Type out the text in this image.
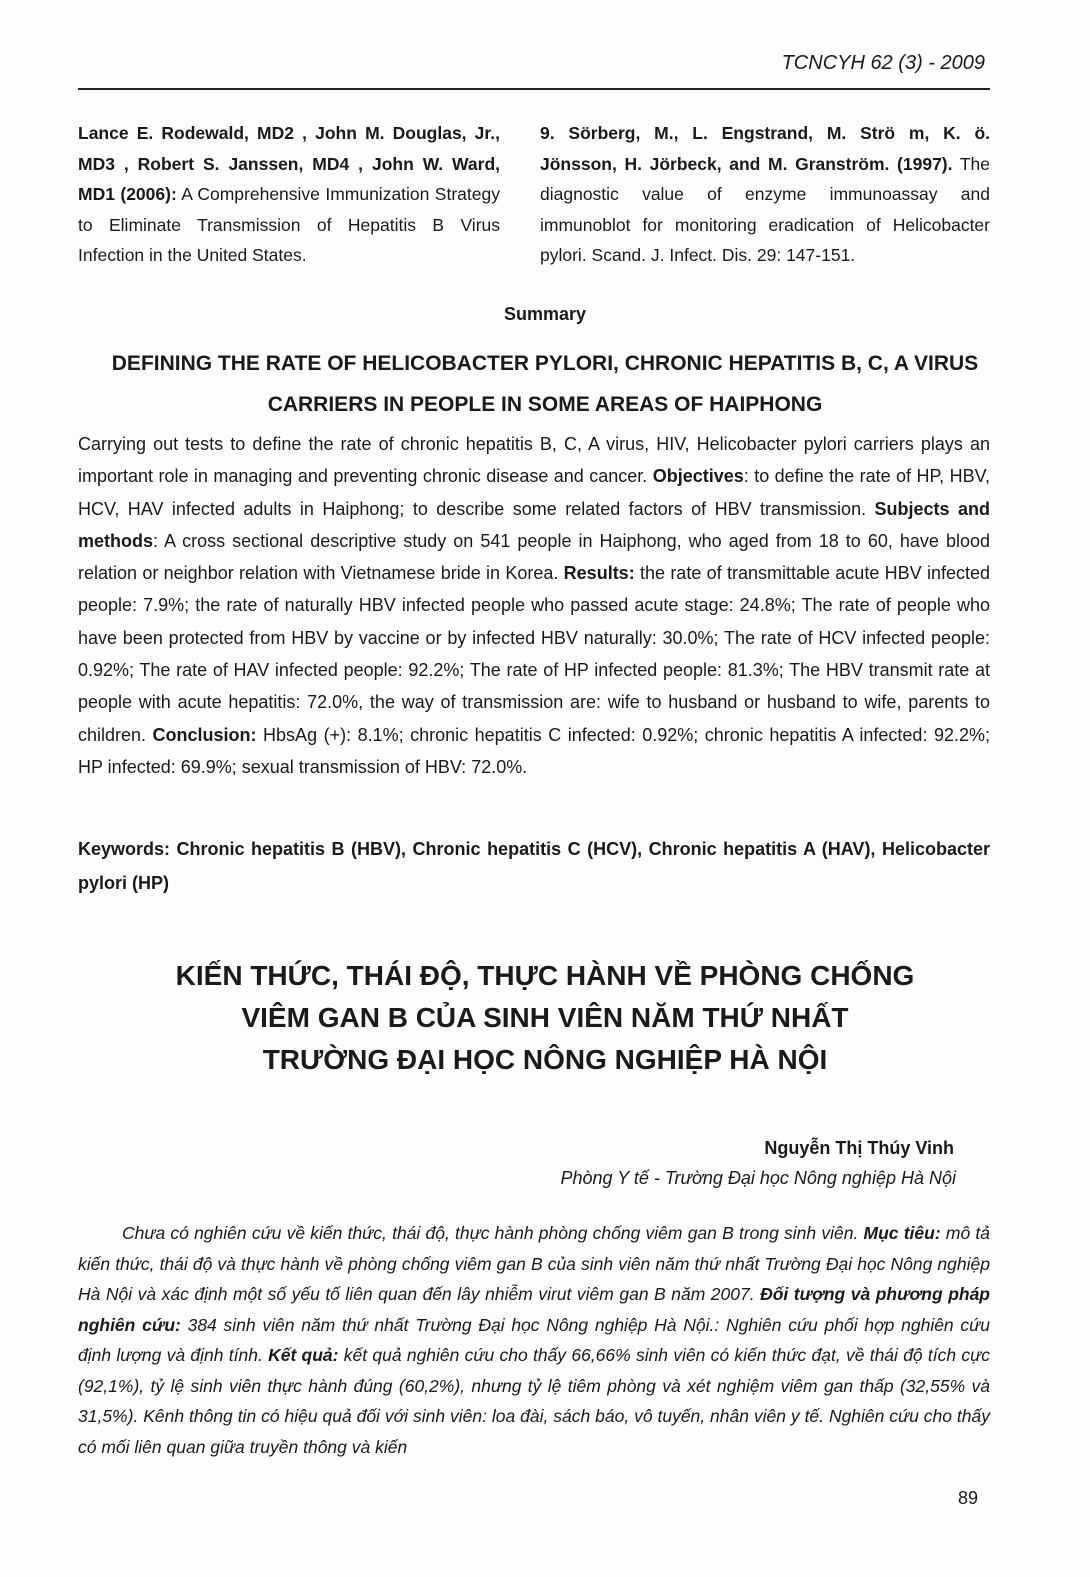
TCNCYH 62 (3) - 2009
Lance E. Rodewald, MD2 , John M. Douglas, Jr., MD3 , Robert S. Janssen, MD4 , John W. Ward, MD1 (2006): A Comprehensive Immunization Strategy to Eliminate Transmission of Hepatitis B Virus Infection in the United States.
9. Sörberg, M., L. Engstrand, M. Strö m, K. ö. Jönsson, H. Jörbeck, and M. Granström. (1997). The diagnostic value of enzyme immunoassay and immunoblot for monitoring eradication of Helicobacter pylori. Scand. J. Infect. Dis. 29: 147-151.
Summary
DEFINING THE RATE OF HELICOBACTER PYLORI, CHRONIC HEPATITIS B, C, A VIRUS
CARRIERS IN PEOPLE IN SOME AREAS OF HAIPHONG

Carrying out tests to define the rate of chronic hepatitis B, C, A virus, HIV, Helicobacter pylori carriers plays an important role in managing and preventing chronic disease and cancer. Objectives: to define the rate of HP, HBV, HCV, HAV infected adults in Haiphong; to describe some related factors of HBV transmission. Subjects and methods: A cross sectional descriptive study on 541 people in Haiphong, who aged from 18 to 60, have blood relation or neighbor relation with Vietnamese bride in Korea. Results: the rate of transmittable acute HBV infected people: 7.9%; the rate of naturally HBV infected people who passed acute stage: 24.8%; The rate of people who have been protected from HBV by vaccine or by infected HBV naturally: 30.0%; The rate of HCV infected people: 0.92%; The rate of HAV infected people: 92.2%; The rate of HP infected people: 81.3%; The HBV transmit rate at people with acute hepatitis: 72.0%, the way of transmission are: wife to husband or husband to wife, parents to children. Conclusion: HbsAg (+): 8.1%; chronic hepatitis C infected: 0.92%; chronic hepatitis A infected: 92.2%; HP infected: 69.9%; sexual transmission of HBV: 72.0%.

Keywords: Chronic hepatitis B (HBV), Chronic hepatitis C (HCV), Chronic hepatitis A (HAV), Helicobacter pylori (HP)
KIẾN THỨC, THÁI ĐỘ, THỰC HÀNH VỀ PHÒNG CHỐNG
VIÊM GAN B CỦA SINH VIÊN NĂM THỨ NHẤT
TRƯỜNG ĐẠI HỌC NÔNG NGHIỆP HÀ NỘI
Nguyễn Thị Thúy Vinh
Phòng Y tế - Trường Đại học Nông nghiệp Hà Nội
Chưa có nghiên cứu về kiến thức, thái độ, thực hành phòng chống viêm gan B trong sinh viên. Mục tiêu: mô tả kiến thức, thái độ và thực hành về phòng chống viêm gan B của sinh viên năm thứ nhất Trường Đại học Nông nghiệp Hà Nội và xác định một số yếu tố liên quan đến lây nhiễm virut viêm gan B năm 2007. Đối tượng và phương pháp nghiên cứu: 384 sinh viên năm thứ nhất Trường Đại học Nông nghiệp Hà Nội.: Nghiên cứu phối hợp nghiên cứu định lượng và định tính. Kết quả: kết quả nghiên cứu cho thấy 66,66% sinh viên có kiến thức đạt, về thái độ tích cực (92,1%), tỷ lệ sinh viên thực hành đúng (60,2%), nhưng tỷ lệ tiêm phòng và xét nghiệm viêm gan thấp (32,55% và 31,5%). Kênh thông tin có hiệu quả đối với sinh viên: loa đài, sách báo, vô tuyến, nhân viên y tế. Nghiên cứu cho thấy có mối liên quan giữa truyền thông và kiến
89
